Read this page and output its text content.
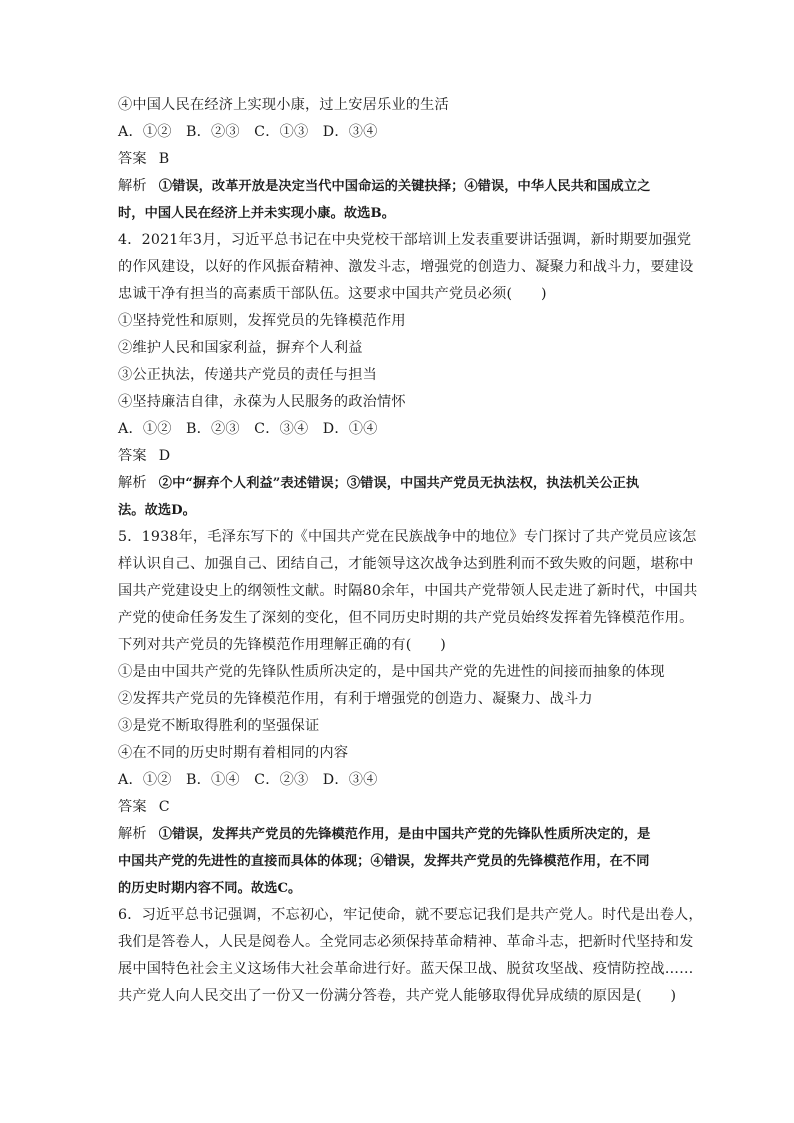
④中国人民在经济上实现小康，过上安居乐业的生活
A．①②　B．②③　C．①③　D．③④
答案 B
解析 ①错误，改革开放是决定当代中国命运的关键抉择；④错误，中华人民共和国成立之
时，中国人民在经济上并未实现小康。故选B。
4．2021年3月，习近平总书记在中央党校干部培训上发表重要讲话强调，新时期要加强党
的作风建设，以好的作风振奋精神、激发斗志，增强党的创造力、凝聚力和战斗力，要建设
忠诚干净有担当的高素质干部队伍。这要求中国共产党员必须(　　)
①坚持党性和原则，发挥党员的先锋模范作用
②维护人民和国家利益，摒弃个人利益
③公正执法，传递共产党员的责任与担当
④坚持廉洁自律，永葆为人民服务的政治情怀
A．①②　B．②③　C．③④　D．①④
答案 D
解析 ②中“摒弃个人利益”表述错误；③错误，中国共产党员无执法权，执法机关公正执
法。故选D。
5．1938年，毛泽东写下的《中国共产党在民族战争中的地位》专门探讨了共产党员应该怎
样认识自己、加强自己、团结自己，才能领导这次战争达到胜利而不致失败的问题，堪称中
国共产党建设史上的纲领性文献。时隔80余年，中国共产党带领人民走进了新时代，中国共
产党的使命任务发生了深刻的变化，但不同历史时期的共产党员始终发挥着先锋模范作用。
下列对共产党员的先锋模范作用理解正确的有(　　)
①是由中国共产党的先锋队性质所决定的，是中国共产党的先进性的间接而抽象的体现
②发挥共产党员的先锋模范作用，有利于增强党的创造力、凝聚力、战斗力
③是党不断取得胜利的坚强保证
④在不同的历史时期有着相同的内容
A．①②　B．①④　C．②③　D．③④
答案 C
解析 ①错误，发挥共产党员的先锋模范作用，是由中国共产党的先锋队性质所决定的，是
中国共产党的先进性的直接而具体的体现；④错误，发挥共产党员的先锋模范作用，在不同
的历史时期内容不同。故选C。
6．习近平总书记强调，不忘初心，牢记使命，就不要忘记我们是共产党人。时代是出卷人，
我们是答卷人，人民是阅卷人。全党同志必须保持革命精神、革命斗志，把新时代坚持和发
展中国特色社会主义这场伟大社会革命进行好。蓝天保卫战、脱贫攻坚战、疫情防控战……
共产党人向人民交出了一份又一份满分答卷，共产党人能够取得优异成绩的原因是(　　)
